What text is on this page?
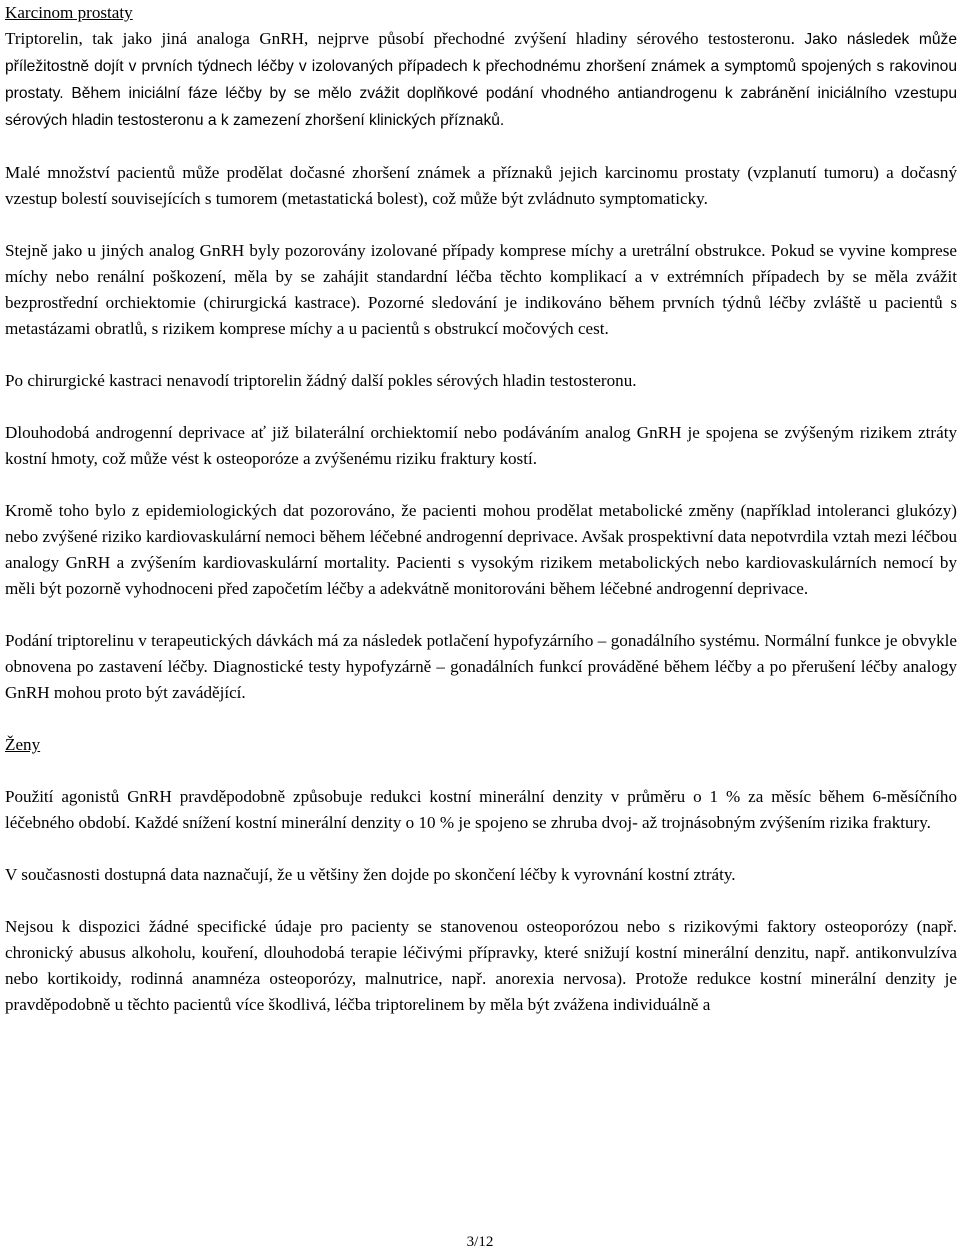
Karcinom prostaty

Triptorelin, tak jako jiná analoga GnRH, nejprve působí přechodné zvýšení hladiny sérového testosteronu. Jako následek může příležitostně dojít v prvních týdnech léčby v izolovaných případech k přechodnému zhoršení známek a symptomů spojených s rakovinou prostaty. Během iniciální fáze léčby by se mělo zvážit doplňkové podání vhodného antiandrogenu k zabránění iniciálního vzestupu sérových hladin testosteronu a k zamezení zhoršení klinických příznaků.

Malé množství pacientů může prodělat dočasné zhoršení známek a příznaků jejich karcinomu prostaty (vzplanutí tumoru) a dočasný vzestup bolestí souvisejících s tumorem (metastatická bolest), což může být zvládnuto symptomaticky.

Stejně jako u jiných analog GnRH byly pozorovány izolované případy komprese míchy a uretrální obstrukce. Pokud se vyvine komprese míchy nebo renální poškození, měla by se zahájit standardní léčba těchto komplikací a v extrémních případech by se měla zvážit bezprostřední orchiektomie (chirurgická kastrace). Pozorné sledování je indikováno během prvních týdnů léčby zvláště u pacientů s metastázami obratlů, s rizikem komprese míchy a u pacientů s obstrukcí močových cest.

Po chirurgické kastraci nenavodí triptorelin žádný další pokles sérových hladin testosteronu.

Dlouhodobá androgenní deprivace ať již bilaterální orchiektomií nebo podáváním analog GnRH je spojena se zvýšeným rizikem ztráty kostní hmoty, což může vést k osteoporóze a zvýšenému riziku fraktury kostí.

Kromě toho bylo z epidemiologických dat pozorováno, že pacienti mohou prodělat metabolické změny (například intoleranci glukózy) nebo zvýšené riziko kardiovaskulární nemoci během léčebné androgenní deprivace. Avšak prospektivní data nepotvrdila vztah mezi léčbou analogy GnRH a zvýšením kardiovaskulární mortality. Pacienti s vysokým rizikem metabolických nebo kardiovaskulárních nemocí by měli být pozorně vyhodnoceni před započetím léčby a adekvátně monitorováni během léčebné androgenní deprivace.

Podání triptorelinu v terapeutických dávkách má za následek potlačení hypofyzárního – gonadálního systému. Normální funkce je obvykle obnovena po zastavení léčby. Diagnostické testy hypofyzárně – gonadálních funkcí prováděné během léčby a po přerušení léčby analogy GnRH mohou proto být zavádějící.

Ženy

Použití agonistů GnRH pravděpodobně způsobuje redukci kostní minerální denzity v průměru o 1 % za měsíc během 6-měsíčního léčebného období. Každé snížení kostní minerální denzity o 10 % je spojeno se zhruba dvoj- až trojnásobným zvýšením rizika fraktury.

V současnosti dostupná data naznačují, že u většiny žen dojde po skončení léčby k vyrovnání kostní ztráty.

Nejsou k dispozici žádné specifické údaje pro pacienty se stanovenou osteoporózou nebo s rizikovými faktory osteoporózy (např. chronický abusus alkoholu, kouření, dlouhodobá terapie léčivými přípravky, které snižují kostní minerální denzitu, např. antikonvulzíva nebo kortikoidy, rodinná anamnéza osteoporózy, malnutrice, např. anorexia nervosa). Protože redukce kostní minerální denzity je pravděpodobně u těchto pacientů více škodlivá, léčba triptorelinem by měla být zvážena individuálně a

3/12
